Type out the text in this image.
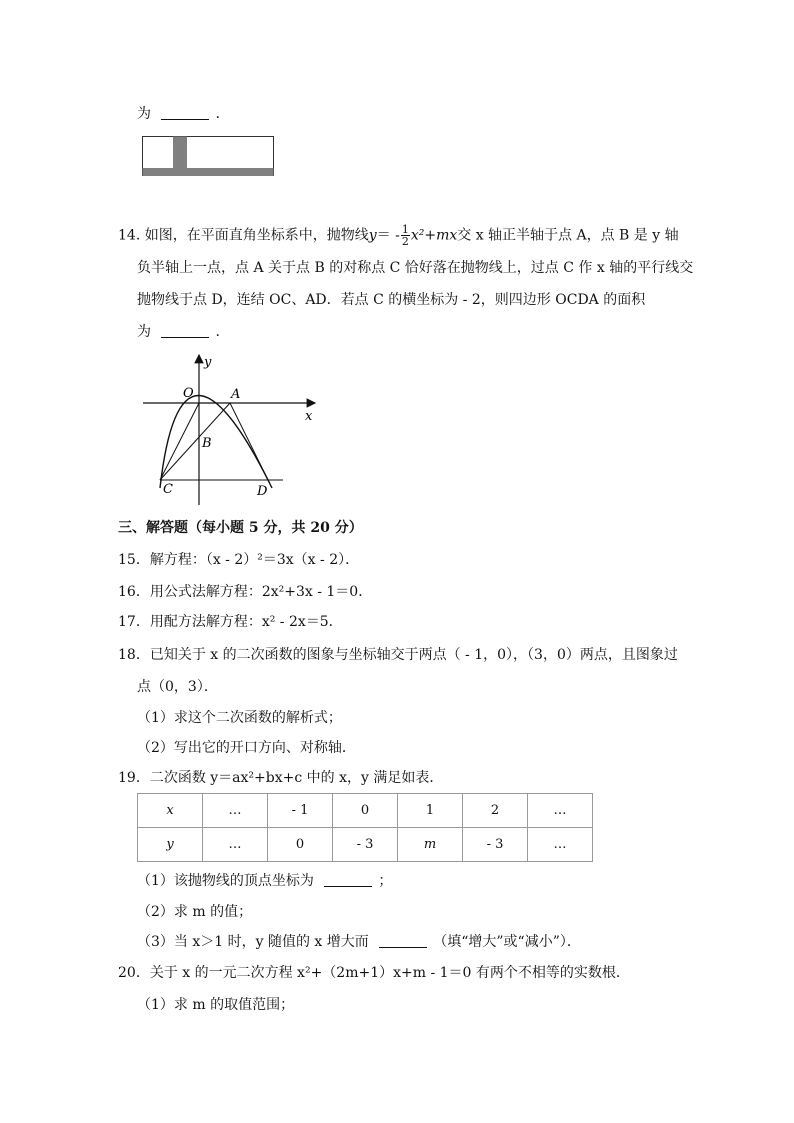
为	.
14. 如图，在平面直角坐标系中，抛物线$y= - \frac{1}{2} x^2+mx$交 x 轴正半轴于点 A，点 B 是 y 轴
负半轴上一点，点 A 关于点 B 的对称点 C 恰好落在抛物线上，过点 C 作 x 轴的平行线交
抛物线于点 D，连结 OC、AD．若点 C 的横坐标为 - 2，则四边形 OCDA 的面积
为	.
y
x
O	A
B
C	D
三、解答题（每小题 5 分，共 20 分）
15．解方程：（x - 2）²＝3x（x - 2）．
16．用公式法解方程：2x²+3x - 1＝0．
17．用配方法解方程：x² - 2x＝5．
18．已知关于 x 的二次函数的图象与坐标轴交于两点（ - 1，0），（3，0）两点，且图象过
点（0，3）．
（1）求这个二次函数的解析式；
（2）写出它的开口方向、对称轴．
19．二次函数 y＝ax²+bx+c 中的 x，y 满足如表．
x	…	- 1	0	1	2	…
y	…	0	- 3	m	- 3	…
（1）该抛物线的顶点坐标为	；
（2）求 m 的值；
（3）当 x＞1 时，y 随值的 x 增大而	（填“增大”或“减小”）．
20．关于 x 的一元二次方程 x²+（2m+1）x+m - 1＝0 有两个不相等的实数根．
（1）求 m 的取值范围；
